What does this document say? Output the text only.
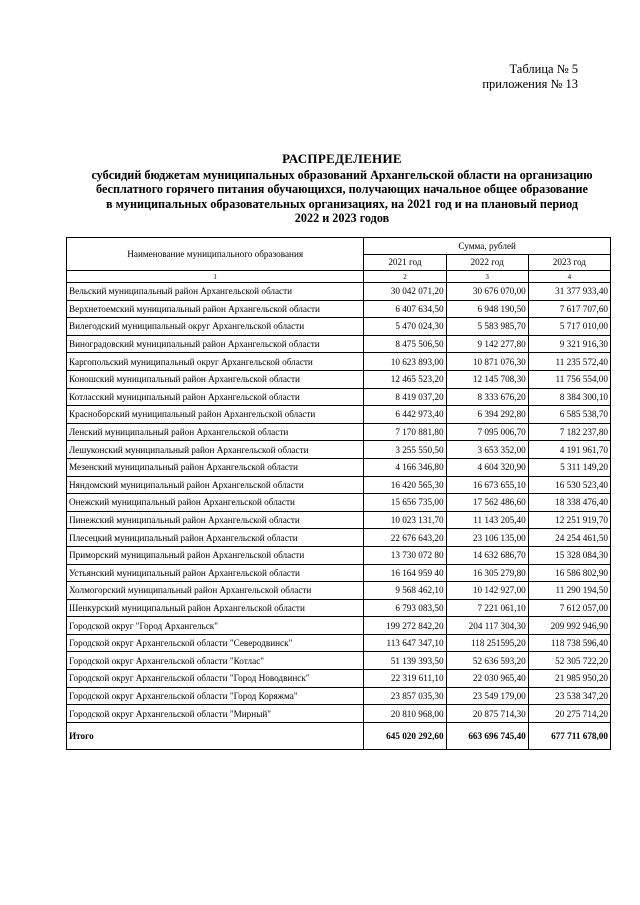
Таблица № 5
приложения № 13
РАСПРЕДЕЛЕНИЕ
субсидий бюджетам муниципальных образований Архангельской области на организацию
бесплатного горячего питания обучающихся, получающих начальное общее образование
в муниципальных образовательных организациях, на 2021 год и на плановый период
2022 и 2023 годов
Наименование муниципального образования	Сумма, рублей		
	2021 год	2022 год	2023 год
1	2	3	4
Вельский муниципальный район Архангельской области	30 042 071,20	30 676 070,00	31 377 933,40
Верхнетоемский муниципальный район Архангельской области	6 407 634,50	6 948 190,50	7 617 707,60
Вилегодский муниципальный округ Архангельской области	5 470 024,30	5 583 985,70	5 717 010,00
Виноградовский муниципальный район Архангельской области	8 475 506,50	9 142 277,80	9 321 916,30
Каргопольский муниципальный округ Архангельской области	10 623 893,00	10 871 076,30	11 235 572,40
Коношский муниципальный район Архангельской области	12 465 523,20	12 145 708,30	11 756 554,00
Котласский муниципальный район Архангельской области	8 419 037,20	8 333 676,20	8 384 300,10
Красноборский муниципальный район Архангельской области	6 442 973,40	6 394 292,80	6 585 538,70
Ленский муниципальный район Архангельской области	7 170 881,80	7 095 006,70	7 182 237,80
Лешуконский муниципальный район Архангельской области	3 255 550,50	3 653 352,00	4 191 961,70
Мезенский муниципальный район Архангельской области	4 166 346,80	4 604 320,90	5 311 149,20
Няндомский муниципальный район Архангельской области	16 420 565,30	16 673 655,10	16 530 523,40
Онежский муниципальный район Архангельской области	15 656 735,00	17 562 486,60	18 338 476,40
Пинежский муниципальный район Архангельской области	10 023 131,70	11 143 205,40	12 251 919,70
Плесецкий муниципальный район Архангельской области	22 676 643,20	23 106 135,00	24 254 461,50
Приморский муниципальный район Архангельской области	13 730 072 80	14 632 686,70	15 328 084,30
Устьянский муниципальный район Архангельской области	16 164 959 40	16 305 279,80	16 586 802,90
Холмогорский муниципальный район Архангельской области	9 568 462,10	10 142 927,00	11 290 194,50
Шенкурский муниципальный район Архангельской области	6 793 083,50	7 221 061,10	7 612 057,00
Городской округ "Город Архангельск"	199 272 842,20	204 117 304,30	209 992 946,90
Городской округ Архангельской области "Северодвинск"	113 647 347,10	118 251595,20	118 738 596,40
Городской округ Архангельской области "Котлас"	51 139 393,50	52 636 593,20	52 305 722,20
Городской округ Архангельской области "Город Новодвинск"	22 319 611,10	22 030 965,40	21 985 950,20
Городской округ Архангельской области "Город Коряжма"	23 857 035,30	23 549 179,00	23 538 347,20
Городской округ Архангельской области "Мирный"	20 810 968,00	20 875 714,30	20 275 714,20
Итого	645 020 292,60	663 696 745,40	677 711 678,00
